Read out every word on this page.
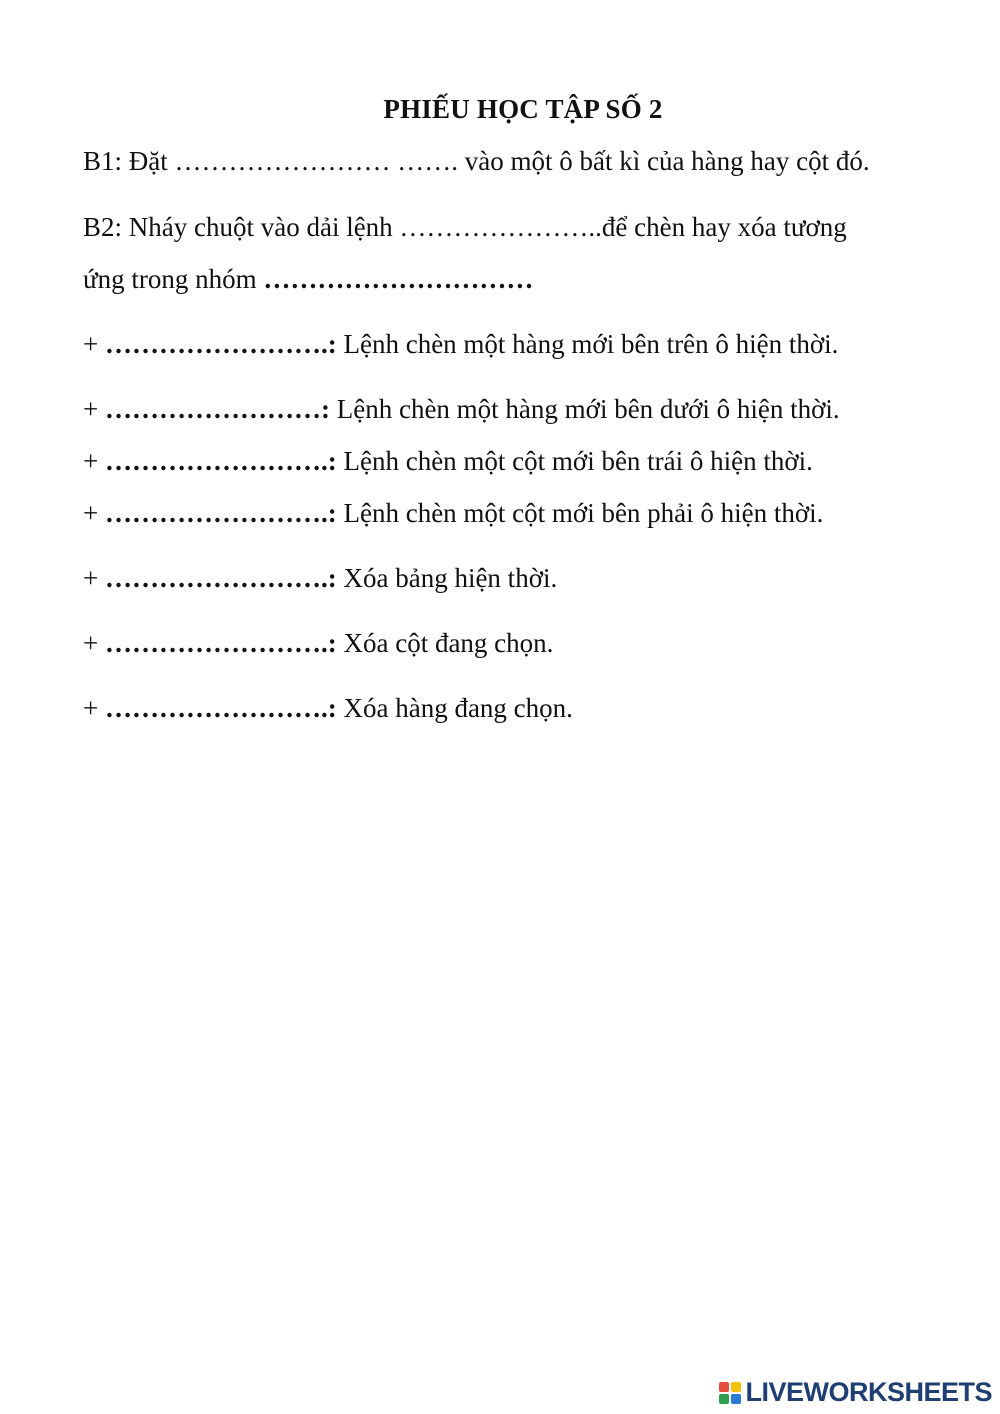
PHIẾU HỌC TẬP SỐ 2
B1: Đặt …………………… ……. vào một ô bất kì của hàng hay cột đó.
B2: Nháy chuột vào dải lệnh …………………..để chèn hay xóa tương
ứng trong nhóm …………………………
+ …………………….: Lệnh chèn một hàng mới bên trên ô hiện thời.
+ ……………………: Lệnh chèn một hàng mới bên dưới ô hiện thời.
+ …………………….: Lệnh chèn một cột mới bên trái ô hiện thời.
+ …………………….: Lệnh chèn một cột mới bên phải ô hiện thời.
+ …………………….: Xóa bảng hiện thời.
+ …………………….: Xóa cột đang chọn.
+ …………………….: Xóa hàng đang chọn.
LIVEWORKSHEETS
